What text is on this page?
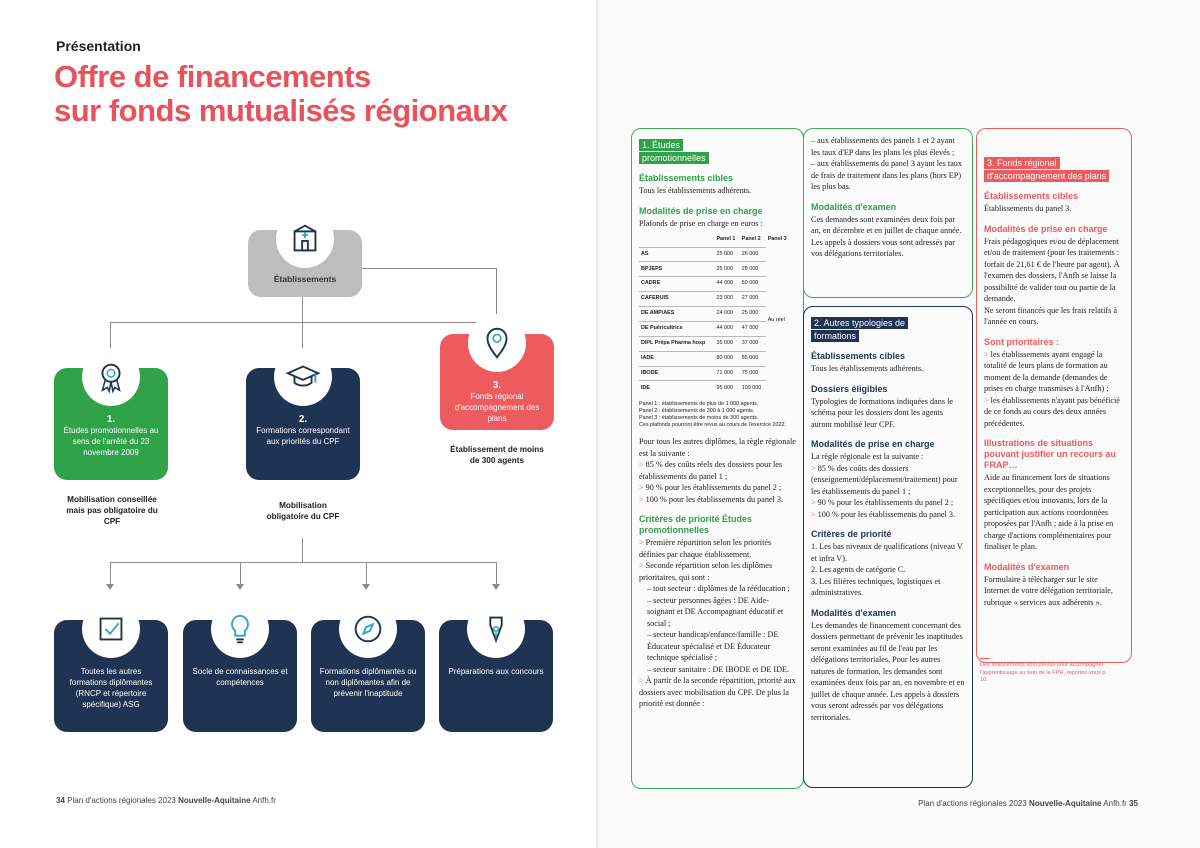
Présentation
Offre de financements
sur fonds mutualisés régionaux
Établissements
1.
Études promotionnelles au sens de l'arrêté du 23 novembre 2009
Mobilisation conseillée mais pas obligatoire du CPF
2.
Formations correspondant aux priorités du CPF
Mobilisation obligatoire du CPF
3.
Fonds régional d'accompagnement des plans
Établissement de moins de 300 agents
Toutes les autres formations diplômantes (RNCP et répertoire spécifique) ASG
Socle de connaissances et compétences
Formations diplômantes ou non diplômantes afin de prévenir l'inaptitude
Préparations aux concours
34 Plan d'actions régionales 2023 Nouvelle-Aquitaine Anfh.fr
1. Études promotionnelles
Établissements cibles
Tous les établissements adhérents.
Modalités de prise en charge
Plafonds de prise en charge en euros :
	Panel 1	Panel 2	Panel 3
AS	25 000	26 000	Au réel
BPJEPS	25 000	28 000	
CADRE	44 000	50 000	
CAFERUIS	23 000	27 000	
DE AMP/AES	24 000	25 000	
DE Puéricultrice	44 000	47 000	
DIPL Prépa Pharma hosp	35 000	37 000	
IADE	80 000	85 000	
IBODE	71 000	75 000	
IDE	95 000	109 000	
Panel 1 : établissements de plus de 1 000 agents.
Panel 2 : établissements de 300 à 1 000 agents.
Panel 3 : établissements de moins de 300 agents.
Ces plafonds pourront être revus au cours de l'exercice 2022.
Pour tous les autres diplômes, la règle régionale est la suivante :
> 85 % des coûts réels des dossiers pour les établissements du panel 1 ;
> 90 % pour les établissements du panel 2 ;
> 100 % pour les établissements du panel 3.
Critères de priorité Études promotionnelles
> Première répartition selon les priorités définies par chaque établissement.
> Seconde répartition selon les diplômes prioritaires, qui sont :
– tout secteur : diplômes de la rééducation ;
– secteur personnes âgées : DE Aide-soignant et DE Accompagnant éducatif et social ;
– secteur handicap/enfance/famille : DE Éducateur spécialisé et DE Éducateur technique spécialisé ;
– secteur sanitaire : DE IBODE et DE IDE.
> À partir de la seconde répartition, priorité aux dossiers avec mobilisation du CPF. De plus la priorité est donnée :
– aux établissements des panels 1 et 2 ayant les taux d'EP dans les plans les plus élevés ;
– aux établissements du panel 3 ayant les taux de frais de traitement dans les plans (hors EP) les plus bas.
Modalités d'examen
Ces demandes sont examinées deux fois par an, en décembre et en juillet de chaque année. Les appels à dossiers vous sont adressés par vos délégations territoriales.
2. Autres typologies de formations
Établissements cibles
Tous les établissements adhérents.
Dossiers éligibles
Typologies de formations indiquées dans le schéma pour les dossiers dont les agents auront mobilisé leur CPF.
Modalités de prise en charge
La règle régionale est la suivante :
> 85 % des coûts des dossiers (enseignement/déplacement/traitement) pour les établissements du panel 1 ;
> 90 % pour les établissements du panel 2 ;
> 100 % pour les établissements du panel 3.
Critères de priorité
1. Les bas niveaux de qualifications (niveau V et infra V).
2. Les agents de catégorie C.
3. Les filières techniques, logistiques et administratives.
Modalités d'examen
Les demandes de financement concernant des dossiers permettant de prévenir les inaptitudes seront examinées au fil de l'eau par les délégations territoriales. Pour les autres natures de formation, les demandes sont examinées deux fois par an, en novembre et en juillet de chaque année. Les appels à dossiers vous seront adressés par vos délégations territoriales.
3. Fonds régional d'accompagnement des plans
Établissements cibles
Établissements du panel 3.
Modalités de prise en charge
Frais pédagogiques et/ou de déplacement et/ou de traitement (pour les traitements : forfait de 21,61 € de l'heure par agent). À l'examen des dossiers, l'Anfh se laisse la possibilité de valider tout ou partie de la demande.
Ne seront financés que les frais relatifs à l'année en cours.
Sont prioritaires :
> les établissements ayant engagé la totalité de leurs plans de formation au moment de la demande (demandes de prises en charge transmises à l'Anfh) ;
> les établissements n'ayant pas bénéficié de ce fonds au cours des deux années précédentes.
Illustrations de situations pouvant justifier un recours au FRAP…
Aide au financement lors de situations exceptionnelles, pour des projets spécifiques et/ou innovants, lors de la participation aux actions coordonnées proposées par l'Anfh ; aide à la prise en charge d'actions complémentaires pour finaliser le plan.
Modalités d'examen
Formulaire à télécharger sur le site Internet de votre délégation territoriale, rubrique « services aux adhérents ».
Des financements sont prévus pour accompagner l'apprentissage au sein de la FPH, reportez-vous p. 10.
Plan d'actions régionales 2023 Nouvelle-Aquitaine Anfh.fr 35
